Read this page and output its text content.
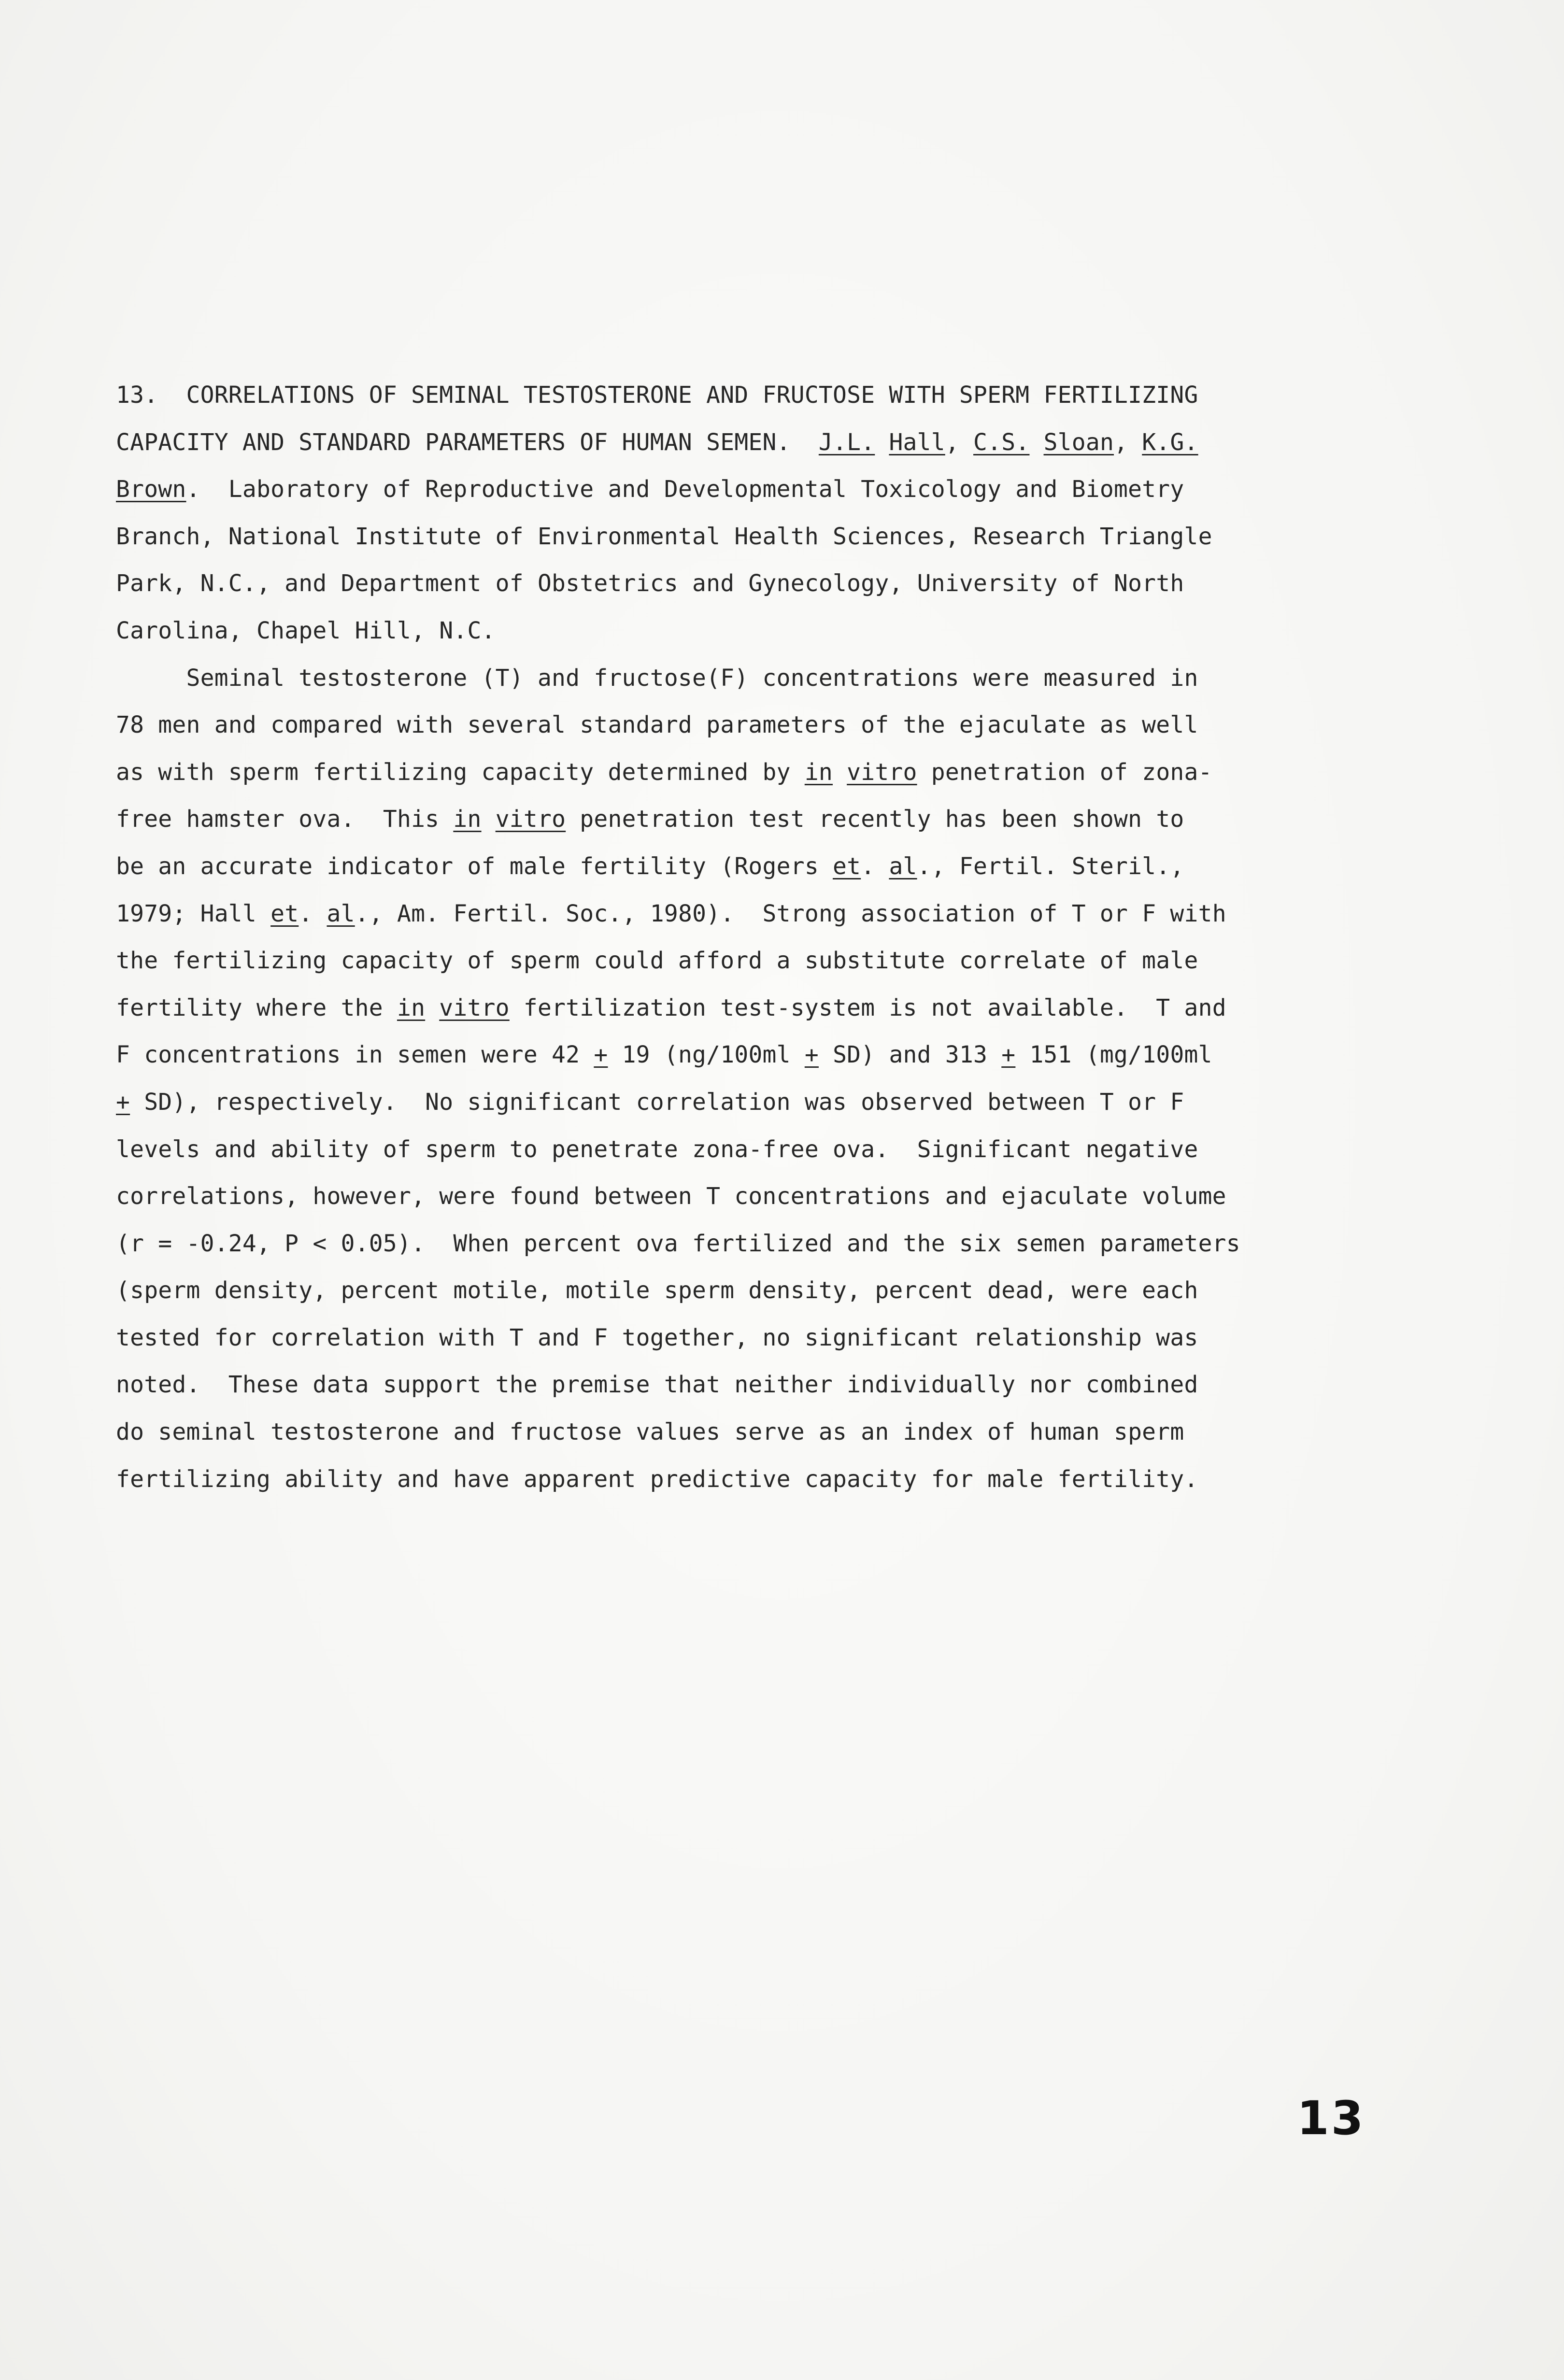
13.  CORRELATIONS OF SEMINAL TESTOSTERONE AND FRUCTOSE WITH SPERM FERTILIZING
CAPACITY AND STANDARD PARAMETERS OF HUMAN SEMEN.  J.L. Hall, C.S. Sloan, K.G.
Brown.  Laboratory of Reproductive and Developmental Toxicology and Biometry
Branch, National Institute of Environmental Health Sciences, Research Triangle
Park, N.C., and Department of Obstetrics and Gynecology, University of North
Carolina, Chapel Hill, N.C.
Seminal testosterone (T) and fructose(F) concentrations were measured in
78 men and compared with several standard parameters of the ejaculate as well
as with sperm fertilizing capacity determined by in vitro penetration of zona-
free hamster ova.  This in vitro penetration test recently has been shown to
be an accurate indicator of male fertility (Rogers et. al., Fertil. Steril.,
1979; Hall et. al., Am. Fertil. Soc., 1980).  Strong association of T or F with
the fertilizing capacity of sperm could afford a substitute correlate of male
fertility where the in vitro fertilization test-system is not available.  T and
F concentrations in semen were 42 + 19 (ng/100ml + SD) and 313 + 151 (mg/100ml
+ SD), respectively.  No significant correlation was observed between T or F
levels and ability of sperm to penetrate zona-free ova.  Significant negative
correlations, however, were found between T concentrations and ejaculate volume
(r = -0.24, P < 0.05).  When percent ova fertilized and the six semen parameters
(sperm density, percent motile, motile sperm density, percent dead, were each
tested for correlation with T and F together, no significant relationship was
noted.  These data support the premise that neither individually nor combined
do seminal testosterone and fructose values serve as an index of human sperm
fertilizing ability and have apparent predictive capacity for male fertility.
13
